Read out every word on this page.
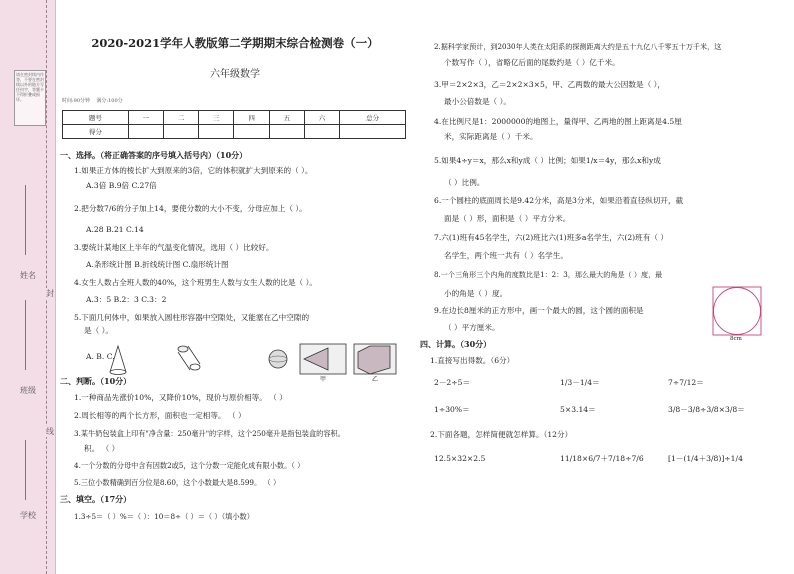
请在密封线内作答，不要在密封线以外的地方写任何字，答题卡不得折叠或损坏。
姓名
封
班级
线
学校
2020-2021学年人教版第二学期期末综合检测卷（一）
六年级数学
时间:90分钟 满分:100分
题号	一	二	三	四	五	六	总分
得分							
一、选择。（将正确答案的序号填入括号内）（10分）
1.如果正方体的棱长扩大到原来的3倍，它的体积就扩大到原来的（ ）。
A.3倍 B.9倍 C.27倍
2.把分数7/6的分子加上14，要使分数的大小不变，分母应加上（ ）。
A.28 B.21 C.14
3.要统计某地区上半年的气温变化情况，选用（ ）比较好。
A.条形统计图 B.折线统计图 C.扇形统计图
4.女生人数占全班人数的40%，这个班男生人数与女生人数的比是（ ）。
A.3：5 B.2：3 C.3：2
5.下面几何体中，如果放入圆柱形容器中空隙处，又能塞在乙中空隙的
是（ ）。
A. B. C.
甲	乙
二、判断。（10分）
1.一种商品先涨价10%，又降价10%，现价与原价相等。 （ ）
2.周长相等的两个长方形，面积也一定相等。 （ ）
3.某牛奶包装盒上印有"净含量：250毫升"的字样，这个250毫升是指包装盒的容积。
积。 （ ）
4.一个分数的分母中含有因数2或5，这个分数一定能化成有限小数。（ ）
5.三位小数精确到百分位是8.60，这个小数最大是8.599。 （ ）
三、填空。（17分）
1.3÷5＝（ ）%＝（ ）：10＝8÷（ ）＝（ ）（填小数）
2.据科学家预计，到2030年人类在太阳系的探测距离大约是五十九亿八千零五十万千米，这
个数写作（ ），省略亿后面的尾数约是（ ）亿千米。
3.甲＝2×2×3，乙＝2×2×3×5，甲、乙两数的最大公因数是（ ），
最小公倍数是（ ）。
4.在比例尺是1：2000000的地图上，量得甲、乙两地的图上距离是4.5厘
米，实际距离是（ ）千米。
5.如果4÷y＝x，那么x和y成（ ）比例；如果1/x＝4y，那么x和y成
（ ）比例。
6.一个圆柱的底面周长是9.42分米，高是3分米，如果沿着直径纵切开，截
面是（ ）形，面积是（ ）平方分米。
7.六(1)班有45名学生，六(2)班比六(1)班多a名学生，六(2)班有（ ）
名学生，两个班一共有（ ）名学生。
8.一个三角形三个内角的度数比是1：2：3，那么最大的角是（ ）度，最
小的角是（ ）度。
9.在边长8厘米的正方形中，画一个最大的圆，这个圆的面积是
（ ）平方厘米。
8cm
四、计算。（30分）
1.直接写出得数。（6分）
2－2÷5＝	1/3－1/4＝	7÷7/12＝
1÷30%＝	5×3.14＝	3/8－3/8÷3/8×3/8＝
2.下面各题，怎样简便就怎样算。（12分）
12.5×32×2.5	11/18×6/7＋7/18÷7/6	[1－(1/4＋3/8)]÷1/4
